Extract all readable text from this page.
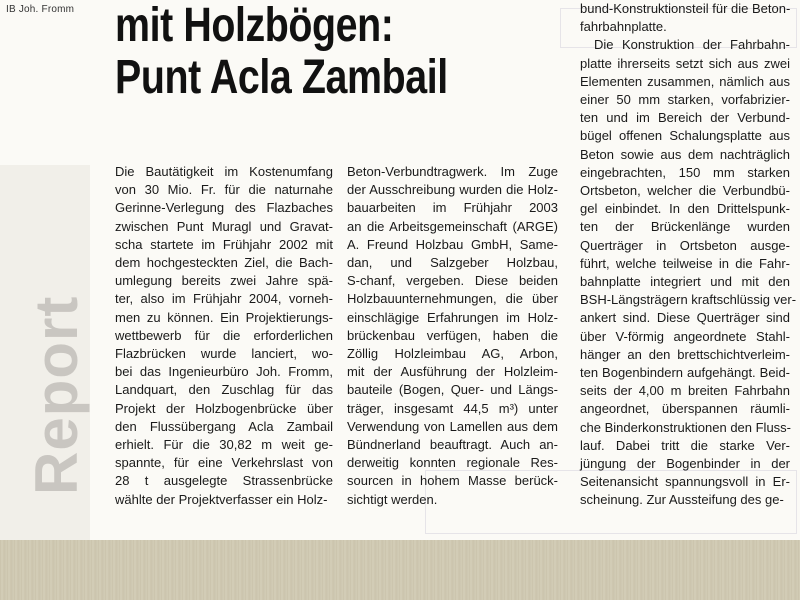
Report
IB Joh. Fromm mit Holzbögen:
Punt Acla Zambail
Die Bautätigkeit im Kostenumfang
von 30 Mio. Fr. für die naturnahe
Gerinne-Verlegung des Flazbaches
zwischen Punt Muragl und Gravat-
scha startete im Frühjahr 2002 mit
dem hochgesteckten Ziel, die Bach-
umlegung bereits zwei Jahre spä-
ter, also im Frühjahr 2004, vorneh-
men zu können. Ein Projektierungs-
wettbewerb für die erforderlichen
Flazbrücken wurde lanciert, wo-
bei das Ingenieurbüro Joh. Fromm,
Landquart, den Zuschlag für das
Projekt der Holzbogenbrücke über
den Flussübergang Acla Zambail
erhielt. Für die 30,82 m weit ge-
spannte, für eine Verkehrslast von
28 t ausgelegte Strassenbrücke
wählte der Projektverfasser ein Holz-
Beton-Verbundtragwerk. Im Zuge
der Ausschreibung wurden die Holz-
bauarbeiten im Frühjahr 2003
an die Arbeitsgemeinschaft (ARGE)
A. Freund Holzbau GmbH, Same-
dan, und Salzgeber Holzbau,
S-chanf, vergeben. Diese beiden
Holzbauunternehmungen, die über
einschlägige Erfahrungen im Holz-
brückenbau verfügen, haben die
Zöllig Holzleimbau AG, Arbon,
mit der Ausführung der Holzleim-
bauteile (Bogen, Quer- und Längs-
träger, insgesamt 44,5 m³) unter
Verwendung von Lamellen aus dem
Bündnerland beauftragt. Auch an-
derweitig konnten regionale Res-
sourcen in hohem Masse berück-
sichtigt werden.
bund-Konstruktionsteil für die Beton-
fahrbahnplatte.
Die Konstruktion der Fahrbahn-
platte ihrerseits setzt sich aus zwei
Elementen zusammen, nämlich aus
einer 50 mm starken, vorfabrizier-
ten und im Bereich der Verbund-
bügel offenen Schalungsplatte aus
Beton sowie aus dem nachträglich
eingebrachten, 150 mm starken
Ortsbeton, welcher die Verbundbü-
gel einbindet. In den Drittelspunk-
ten der Brückenlänge wurden
Querträger in Ortsbeton ausge-
führt, welche teilweise in die Fahr-
bahnplatte integriert und mit den
BSH-Längsträgern kraftschlüssig ver-
ankert sind. Diese Querträger sind
über V-förmig angeordnete Stahl-
hänger an den brettschichtverleim-
ten Bogenbindern aufgehängt. Beid-
seits der 4,00 m breiten Fahrbahn
angeordnet, überspannen räumli-
che Binderkonstruktionen den Fluss-
lauf. Dabei tritt die starke Ver-
jüngung der Bogenbinder in der
Seitenansicht spannungsvoll in Er-
scheinung. Zur Aussteifung des ge-
